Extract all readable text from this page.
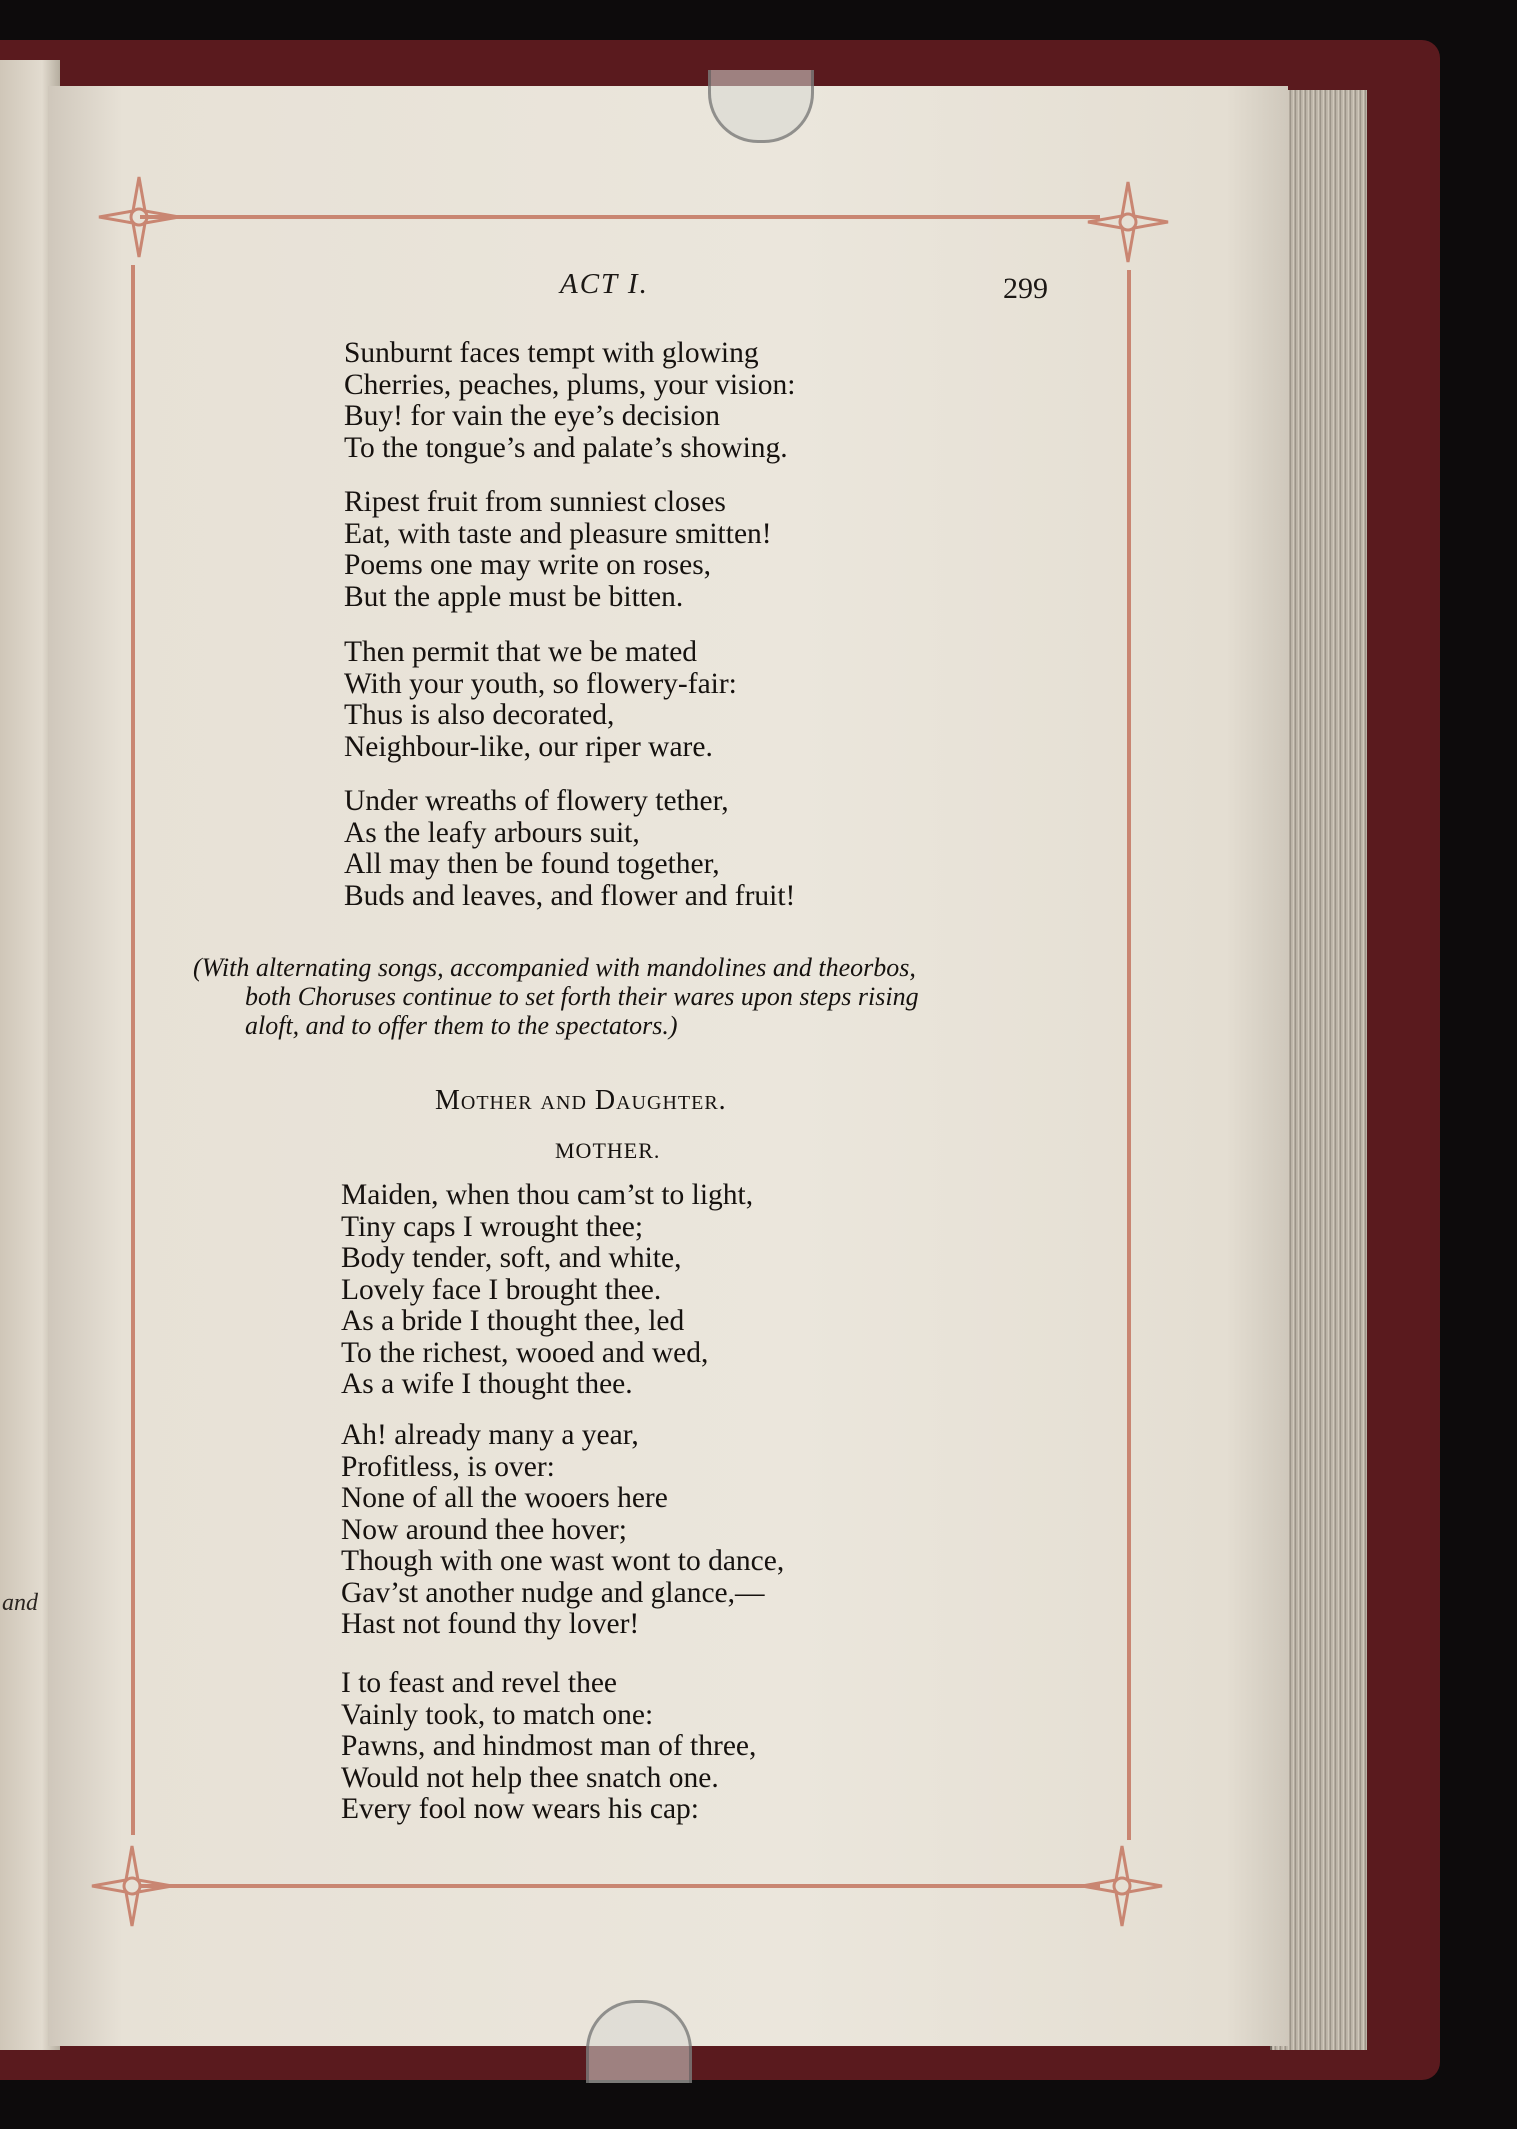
and
ACT I.	299
Sunburnt faces tempt with glowing
Cherries, peaches, plums, your vision:
Buy! for vain the eye’s decision
To the tongue’s and palate’s showing.
Ripest fruit from sunniest closes
Eat, with taste and pleasure smitten!
Poems one may write on roses,
But the apple must be bitten.
Then permit that we be mated
With your youth, so flowery-fair:
Thus is also decorated,
Neighbour-like, our riper ware.
Under wreaths of flowery tether,
As the leafy arbours suit,
All may then be found together,
Buds and leaves, and flower and fruit!
(With alternating songs, accompanied with mandolines and theorbos,
both Choruses continue to set forth their wares upon steps rising
aloft, and to offer them to the spectators.)
Mother and Daughter.
MOTHER.
Maiden, when thou cam’st to light,
Tiny caps I wrought thee;
Body tender, soft, and white,
Lovely face I brought thee.
As a bride I thought thee, led
To the richest, wooed and wed,
As a wife I thought thee.
Ah! already many a year,
Profitless, is over:
None of all the wooers here
Now around thee hover;
Though with one wast wont to dance,
Gav’st another nudge and glance,—
Hast not found thy lover!
I to feast and revel thee
Vainly took, to match one:
Pawns, and hindmost man of three,
Would not help thee snatch one.
Every fool now wears his cap:
